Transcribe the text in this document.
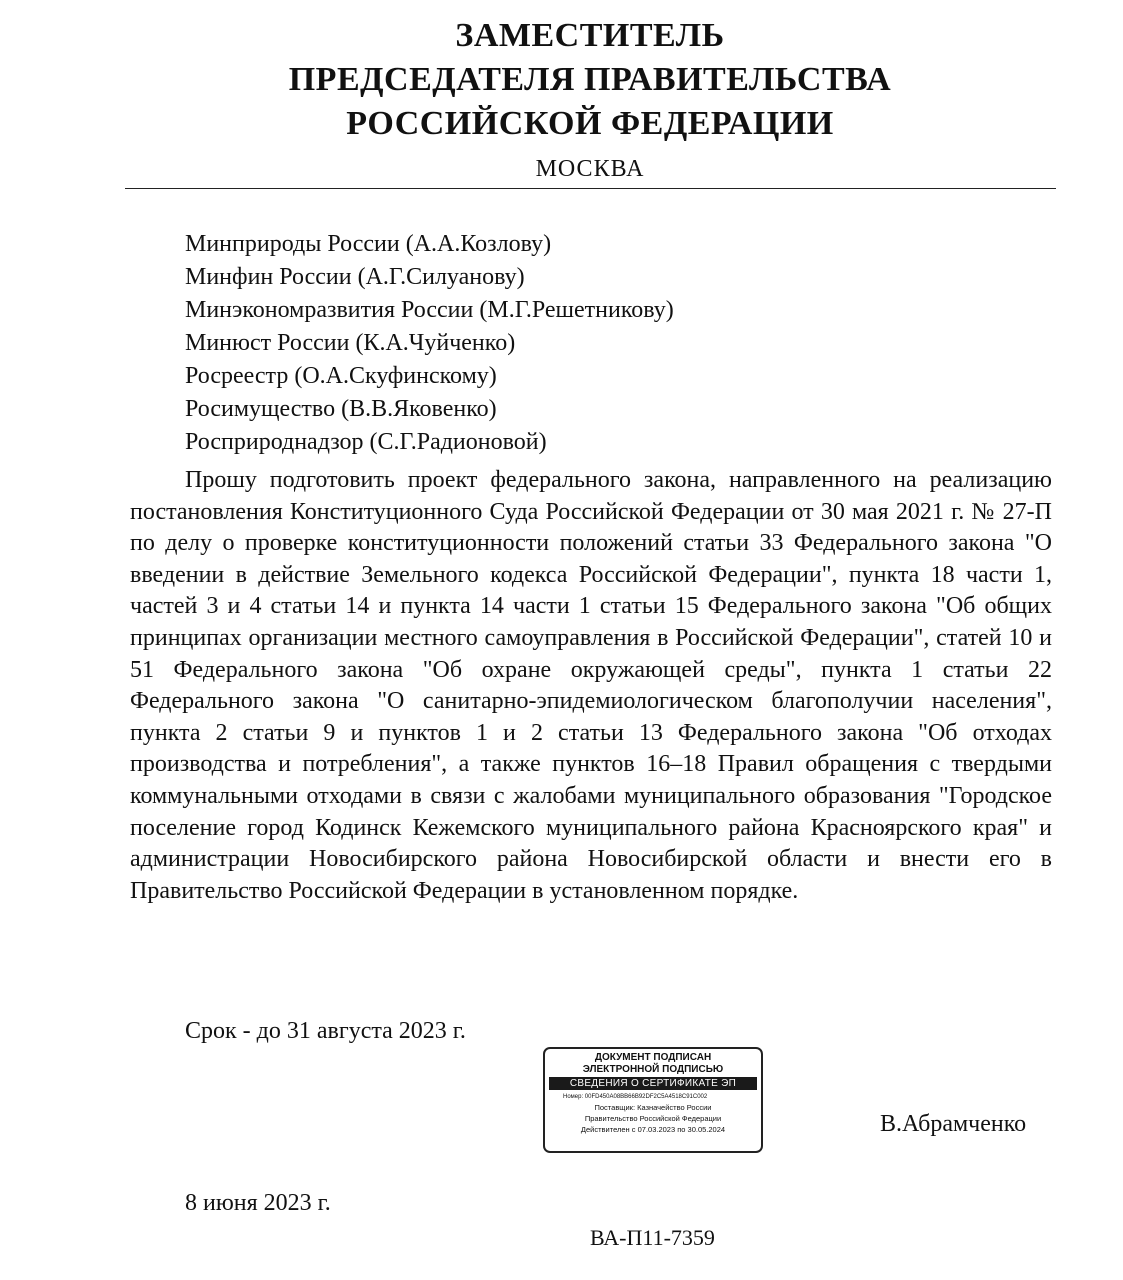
ЗАМЕСТИТЕЛЬ
ПРЕДСЕДАТЕЛЯ ПРАВИТЕЛЬСТВА
РОССИЙСКОЙ ФЕДЕРАЦИИ
МОСКВА
Минприроды России (А.А.Козлову)
Минфин России (А.Г.Силуанову)
Минэкономразвития России (М.Г.Решетникову)
Минюст России (К.А.Чуйченко)
Росреестр (О.А.Скуфинскому)
Росимущество (В.В.Яковенко)
Росприроднадзор (С.Г.Радионовой)
Прошу подготовить проект федерального закона, направленного на реализацию постановления Конституционного Суда Российской Федерации от 30 мая 2021 г. № 27-П по делу о проверке конституционности положений статьи 33 Федерального закона "О введении в действие Земельного кодекса Российской Федерации", пункта 18 части 1, частей 3 и 4 статьи 14 и пункта 14 части 1 статьи 15 Федерального закона "Об общих принципах организации местного самоуправления в Российской Федерации", статей 10 и 51 Федерального закона "Об охране окружающей среды", пункта 1 статьи 22 Федерального закона "О санитарно-эпидемиологическом благополучии населения", пункта 2 статьи 9 и пунктов 1 и 2 статьи 13 Федерального закона "Об отходах производства и потребления", а также пунктов 16–18 Правил обращения с твердыми коммунальными отходами в связи с жалобами муниципального образования "Городское поселение город Кодинск Кежемского муниципального района Красноярского края" и администрации Новосибирского района Новосибирской области и внести его в Правительство Российской Федерации в установленном порядке.
Срок - до 31 августа 2023 г.
ДОКУМЕНТ ПОДПИСАН
ЭЛЕКТРОННОЙ ПОДПИСЬЮ
СВЕДЕНИЯ О СЕРТИФИКАТЕ ЭП
Номер: 00FD450A08BB66B92DF2C5A4518C91C002
Поставщик: Казначейство России
Правительство Российской Федерации
Действителен с 07.03.2023 по 30.05.2024	В.Абрамченко
8 июня 2023 г.
ВА-П11-7359
